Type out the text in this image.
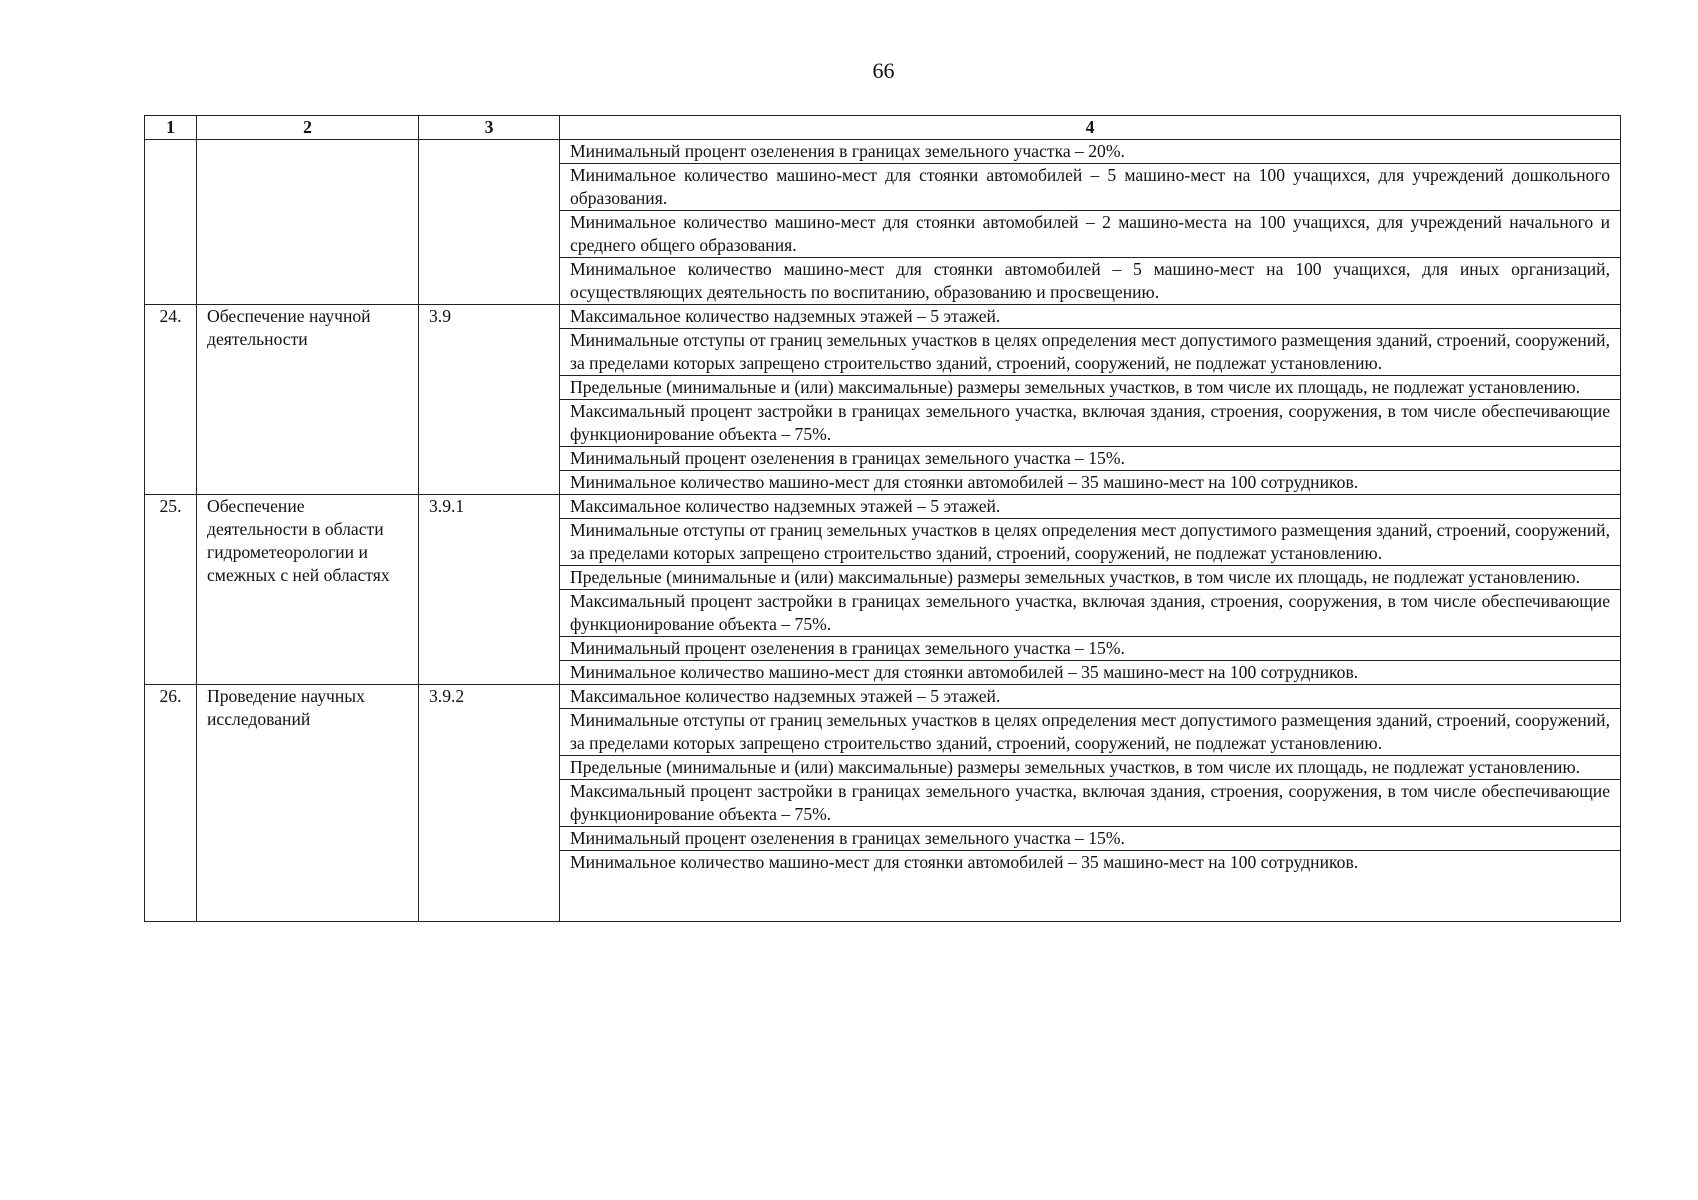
66
1	2	3	4
			Минимальный процент озеленения в границах земельного участка – 20%.
			Минимальное количество машино-мест для стоянки автомобилей – 5 машино-мест на 100 учащихся, для учреждений дошкольного образования.
			Минимальное количество машино-мест для стоянки автомобилей – 2 машино-места на 100 учащихся, для учреждений начального и среднего общего образования.
			Минимальное количество машино-мест для стоянки автомобилей – 5 машино-мест на 100 учащихся, для иных организаций, осуществляющих деятельность по воспитанию, образованию и просвещению.
24.	Обеспечение научной деятельности	3.9	Максимальное количество надземных этажей – 5 этажей.
			Минимальные отступы от границ земельных участков в целях определения мест допустимого размещения зданий, строений, сооружений, за пределами которых запрещено строительство зданий, строений, сооружений, не подлежат установлению.
			Предельные (минимальные и (или) максимальные) размеры земельных участков, в том числе их площадь, не подлежат установлению.
			Максимальный процент застройки в границах земельного участка, включая здания, строения, сооружения, в том числе обеспечивающие функционирование объекта – 75%.
			Минимальный процент озеленения в границах земельного участка – 15%.
			Минимальное количество машино-мест для стоянки автомобилей – 35 машино-мест на 100 сотрудников.
25.	Обеспечение деятельности в области гидрометеорологии и смежных с ней областях	3.9.1	Максимальное количество надземных этажей – 5 этажей.
			Минимальные отступы от границ земельных участков в целях определения мест допустимого размещения зданий, строений, сооружений, за пределами которых запрещено строительство зданий, строений, сооружений, не подлежат установлению.
			Предельные (минимальные и (или) максимальные) размеры земельных участков, в том числе их площадь, не подлежат установлению.
			Максимальный процент застройки в границах земельного участка, включая здания, строения, сооружения, в том числе обеспечивающие функционирование объекта – 75%.
			Минимальный процент озеленения в границах земельного участка – 15%.
			Минимальное количество машино-мест для стоянки автомобилей – 35 машино-мест на 100 сотрудников.
26.	Проведение научных исследований	3.9.2	Максимальное количество надземных этажей – 5 этажей.
			Минимальные отступы от границ земельных участков в целях определения мест допустимого размещения зданий, строений, сооружений, за пределами которых запрещено строительство зданий, строений, сооружений, не подлежат установлению.
			Предельные (минимальные и (или) максимальные) размеры земельных участков, в том числе их площадь, не подлежат установлению.
			Максимальный процент застройки в границах земельного участка, включая здания, строения, сооружения, в том числе обеспечивающие функционирование объекта – 75%.
			Минимальный процент озеленения в границах земельного участка – 15%.
			Минимальное количество машино-мест для стоянки автомобилей – 35 машино-мест на 100 сотрудников.
